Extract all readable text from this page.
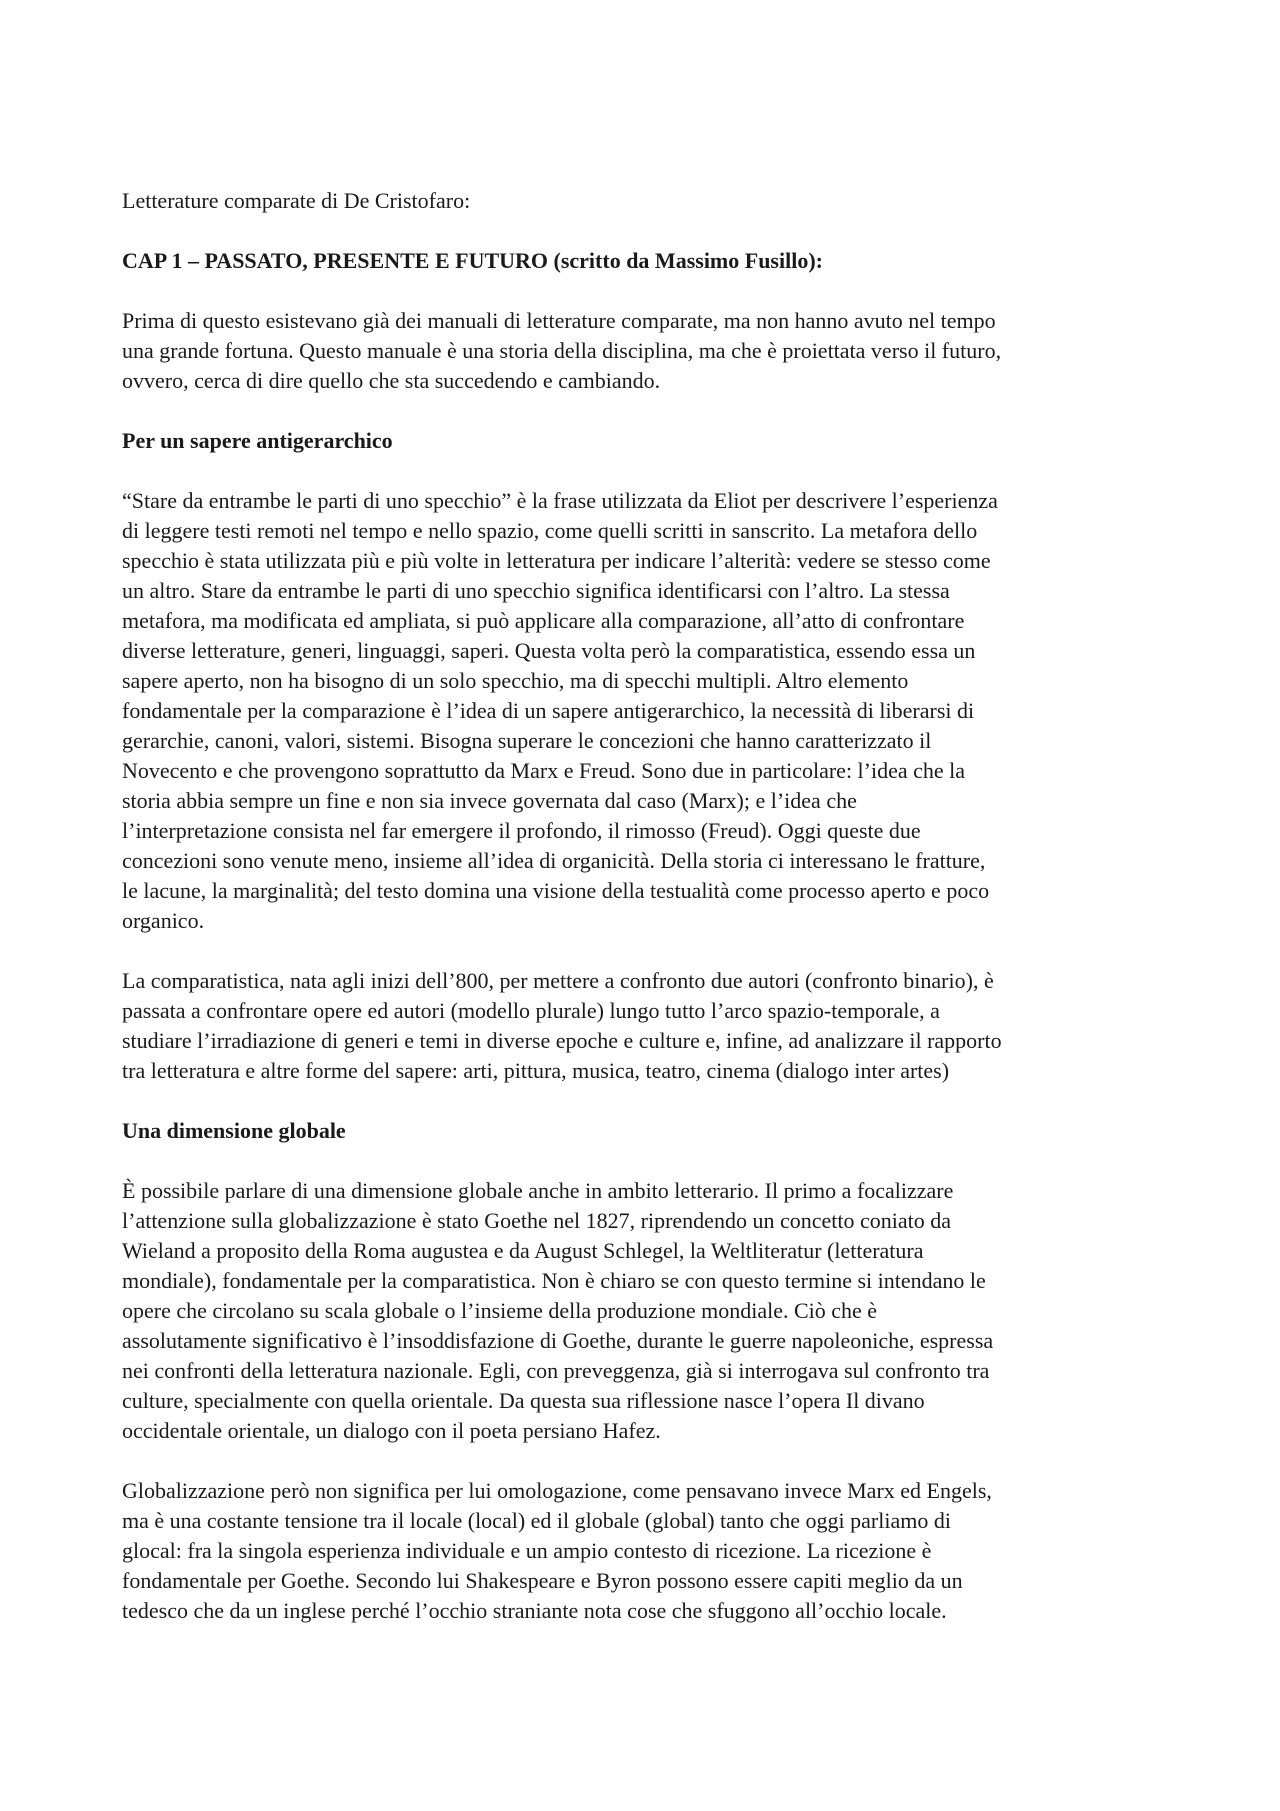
Letterature comparate di De Cristofaro:

CAP 1 – PASSATO, PRESENTE E FUTURO (scritto da Massimo Fusillo):

Prima di questo esistevano già dei manuali di letterature comparate, ma non hanno avuto nel tempo
una grande fortuna. Questo manuale è una storia della disciplina, ma che è proiettata verso il futuro,
ovvero, cerca di dire quello che sta succedendo e cambiando.

Per un sapere antigerarchico

“Stare da entrambe le parti di uno specchio” è la frase utilizzata da Eliot per descrivere l’esperienza
di leggere testi remoti nel tempo e nello spazio, come quelli scritti in sanscrito. La metafora dello
specchio è stata utilizzata più e più volte in letteratura per indicare l’alterità: vedere se stesso come
un altro. Stare da entrambe le parti di uno specchio significa identificarsi con l’altro. La stessa
metafora, ma modificata ed ampliata, si può applicare alla comparazione, all’atto di confrontare
diverse letterature, generi, linguaggi, saperi. Questa volta però la comparatistica, essendo essa un
sapere aperto, non ha bisogno di un solo specchio, ma di specchi multipli. Altro elemento
fondamentale per la comparazione è l’idea di un sapere antigerarchico, la necessità di liberarsi di
gerarchie, canoni, valori, sistemi. Bisogna superare le concezioni che hanno caratterizzato il
Novecento e che provengono soprattutto da Marx e Freud. Sono due in particolare: l’idea che la
storia abbia sempre un fine e non sia invece governata dal caso (Marx); e l’idea che
l’interpretazione consista nel far emergere il profondo, il rimosso (Freud). Oggi queste due
concezioni sono venute meno, insieme all’idea di organicità. Della storia ci interessano le fratture,
le lacune, la marginalità; del testo domina una visione della testualità come processo aperto e poco
organico.

La comparatistica, nata agli inizi dell’800, per mettere a confronto due autori (confronto binario), è
passata a confrontare opere ed autori (modello plurale) lungo tutto l’arco spazio-temporale, a
studiare l’irradiazione di generi e temi in diverse epoche e culture e, infine, ad analizzare il rapporto
tra letteratura e altre forme del sapere: arti, pittura, musica, teatro, cinema (dialogo inter artes)

Una dimensione globale

È possibile parlare di una dimensione globale anche in ambito letterario. Il primo a focalizzare
l’attenzione sulla globalizzazione è stato Goethe nel 1827, riprendendo un concetto coniato da
Wieland a proposito della Roma augustea e da August Schlegel, la Weltliteratur (letteratura
mondiale), fondamentale per la comparatistica. Non è chiaro se con questo termine si intendano le
opere che circolano su scala globale o l’insieme della produzione mondiale. Ciò che è
assolutamente significativo è l’insoddisfazione di Goethe, durante le guerre napoleoniche, espressa
nei confronti della letteratura nazionale. Egli, con preveggenza, già si interrogava sul confronto tra
culture, specialmente con quella orientale. Da questa sua riflessione nasce l’opera Il divano
occidentale orientale, un dialogo con il poeta persiano Hafez.

Globalizzazione però non significa per lui omologazione, come pensavano invece Marx ed Engels,
ma è una costante tensione tra il locale (local) ed il globale (global) tanto che oggi parliamo di
glocal: fra la singola esperienza individuale e un ampio contesto di ricezione. La ricezione è
fondamentale per Goethe. Secondo lui Shakespeare e Byron possono essere capiti meglio da un
tedesco che da un inglese perché l’occhio straniante nota cose che sfuggono all’occhio locale.
